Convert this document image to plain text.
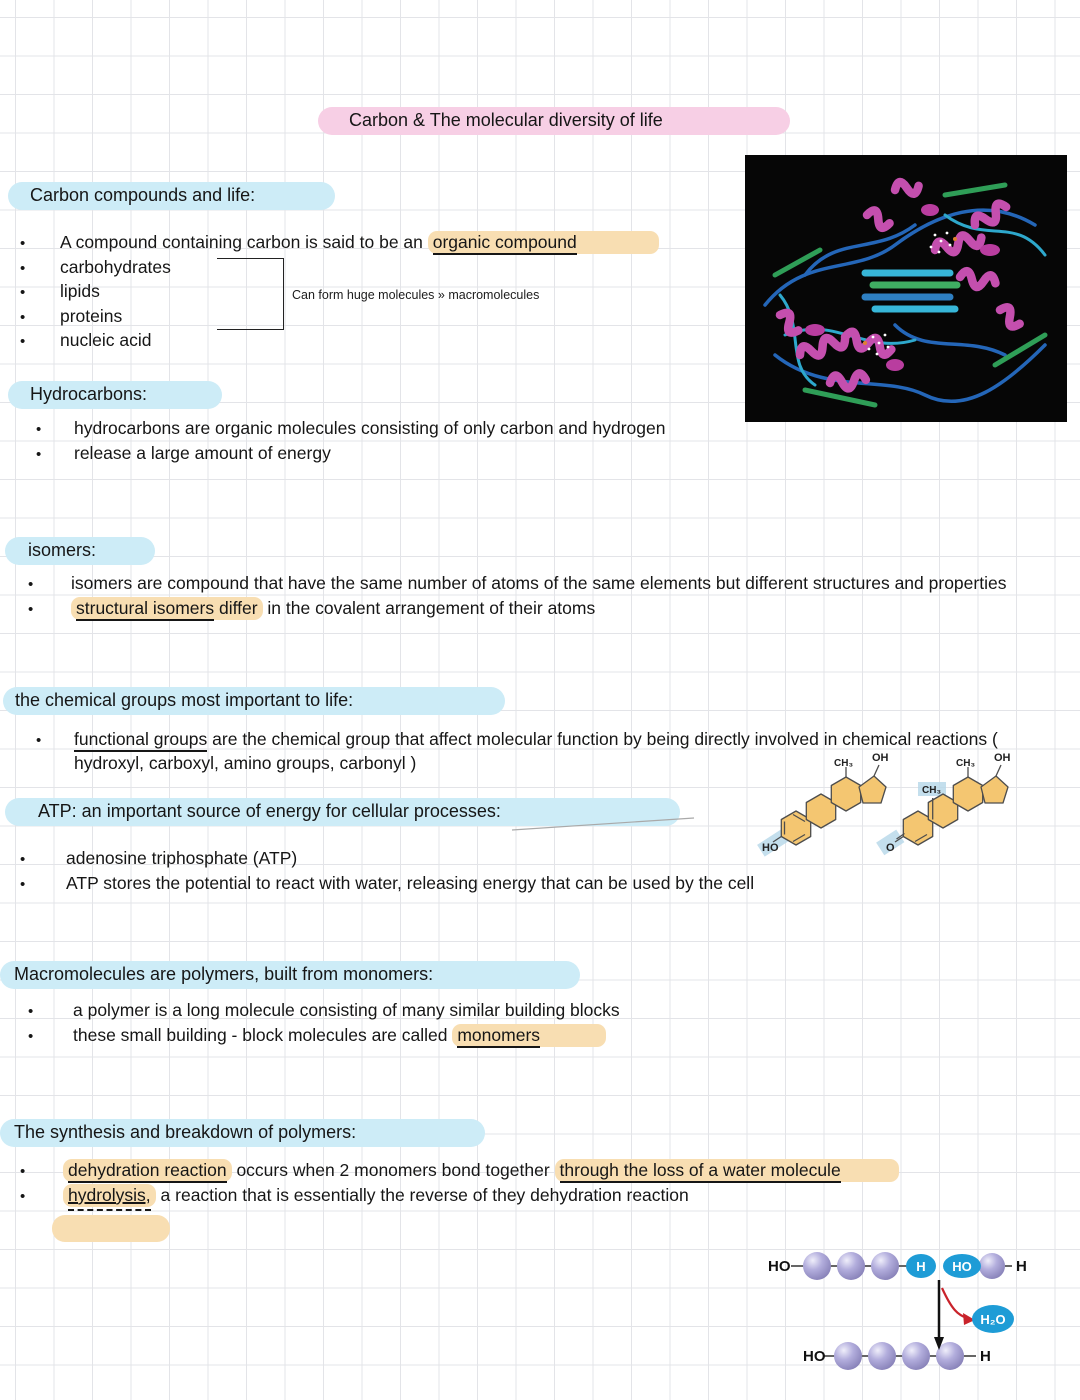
Carbon & The molecular diversity of life
Carbon compounds and life:
•
A compound containing carbon is said to be an organic compound
•
carbohydrates
•
lipids
•
proteins
•
nucleic acid
Can form huge molecules » macromolecules
Hydrocarbons:
•
hydrocarbons are organic molecules consisting of only carbon and hydrogen
•
release a large amount of energy
isomers:
•
isomers are compound that have the same number of atoms of the same elements but different structures and properties
•
structural isomers differ in the covalent arrangement of their atoms
the chemical groups most important to life:
•
functional groups are the chemical group that affect molecular function by being directly involved in chemical reactions ( hydroxyl, carboxyl, amino groups, carbonyl )
HO
CH₃ OH
O
CH₃
CH₃ OH
ATP: an important source of energy for cellular processes:
•
adenosine triphosphate (ATP)
•
ATP stores the potential to react with water, releasing energy that can be used by the cell
Macromolecules are polymers, built from monomers:
•
a polymer is a long molecule consisting of many similar building blocks
•
these small building - block molecules are called monomers
The synthesis and breakdown of polymers:
•
dehydration reaction occurs when 2 monomers bond together through the loss of a water molecule
•
hydrolysis, a reaction that is essentially the reverse of they dehydration reaction
HO	H HO	H
H₂O
HO	H
